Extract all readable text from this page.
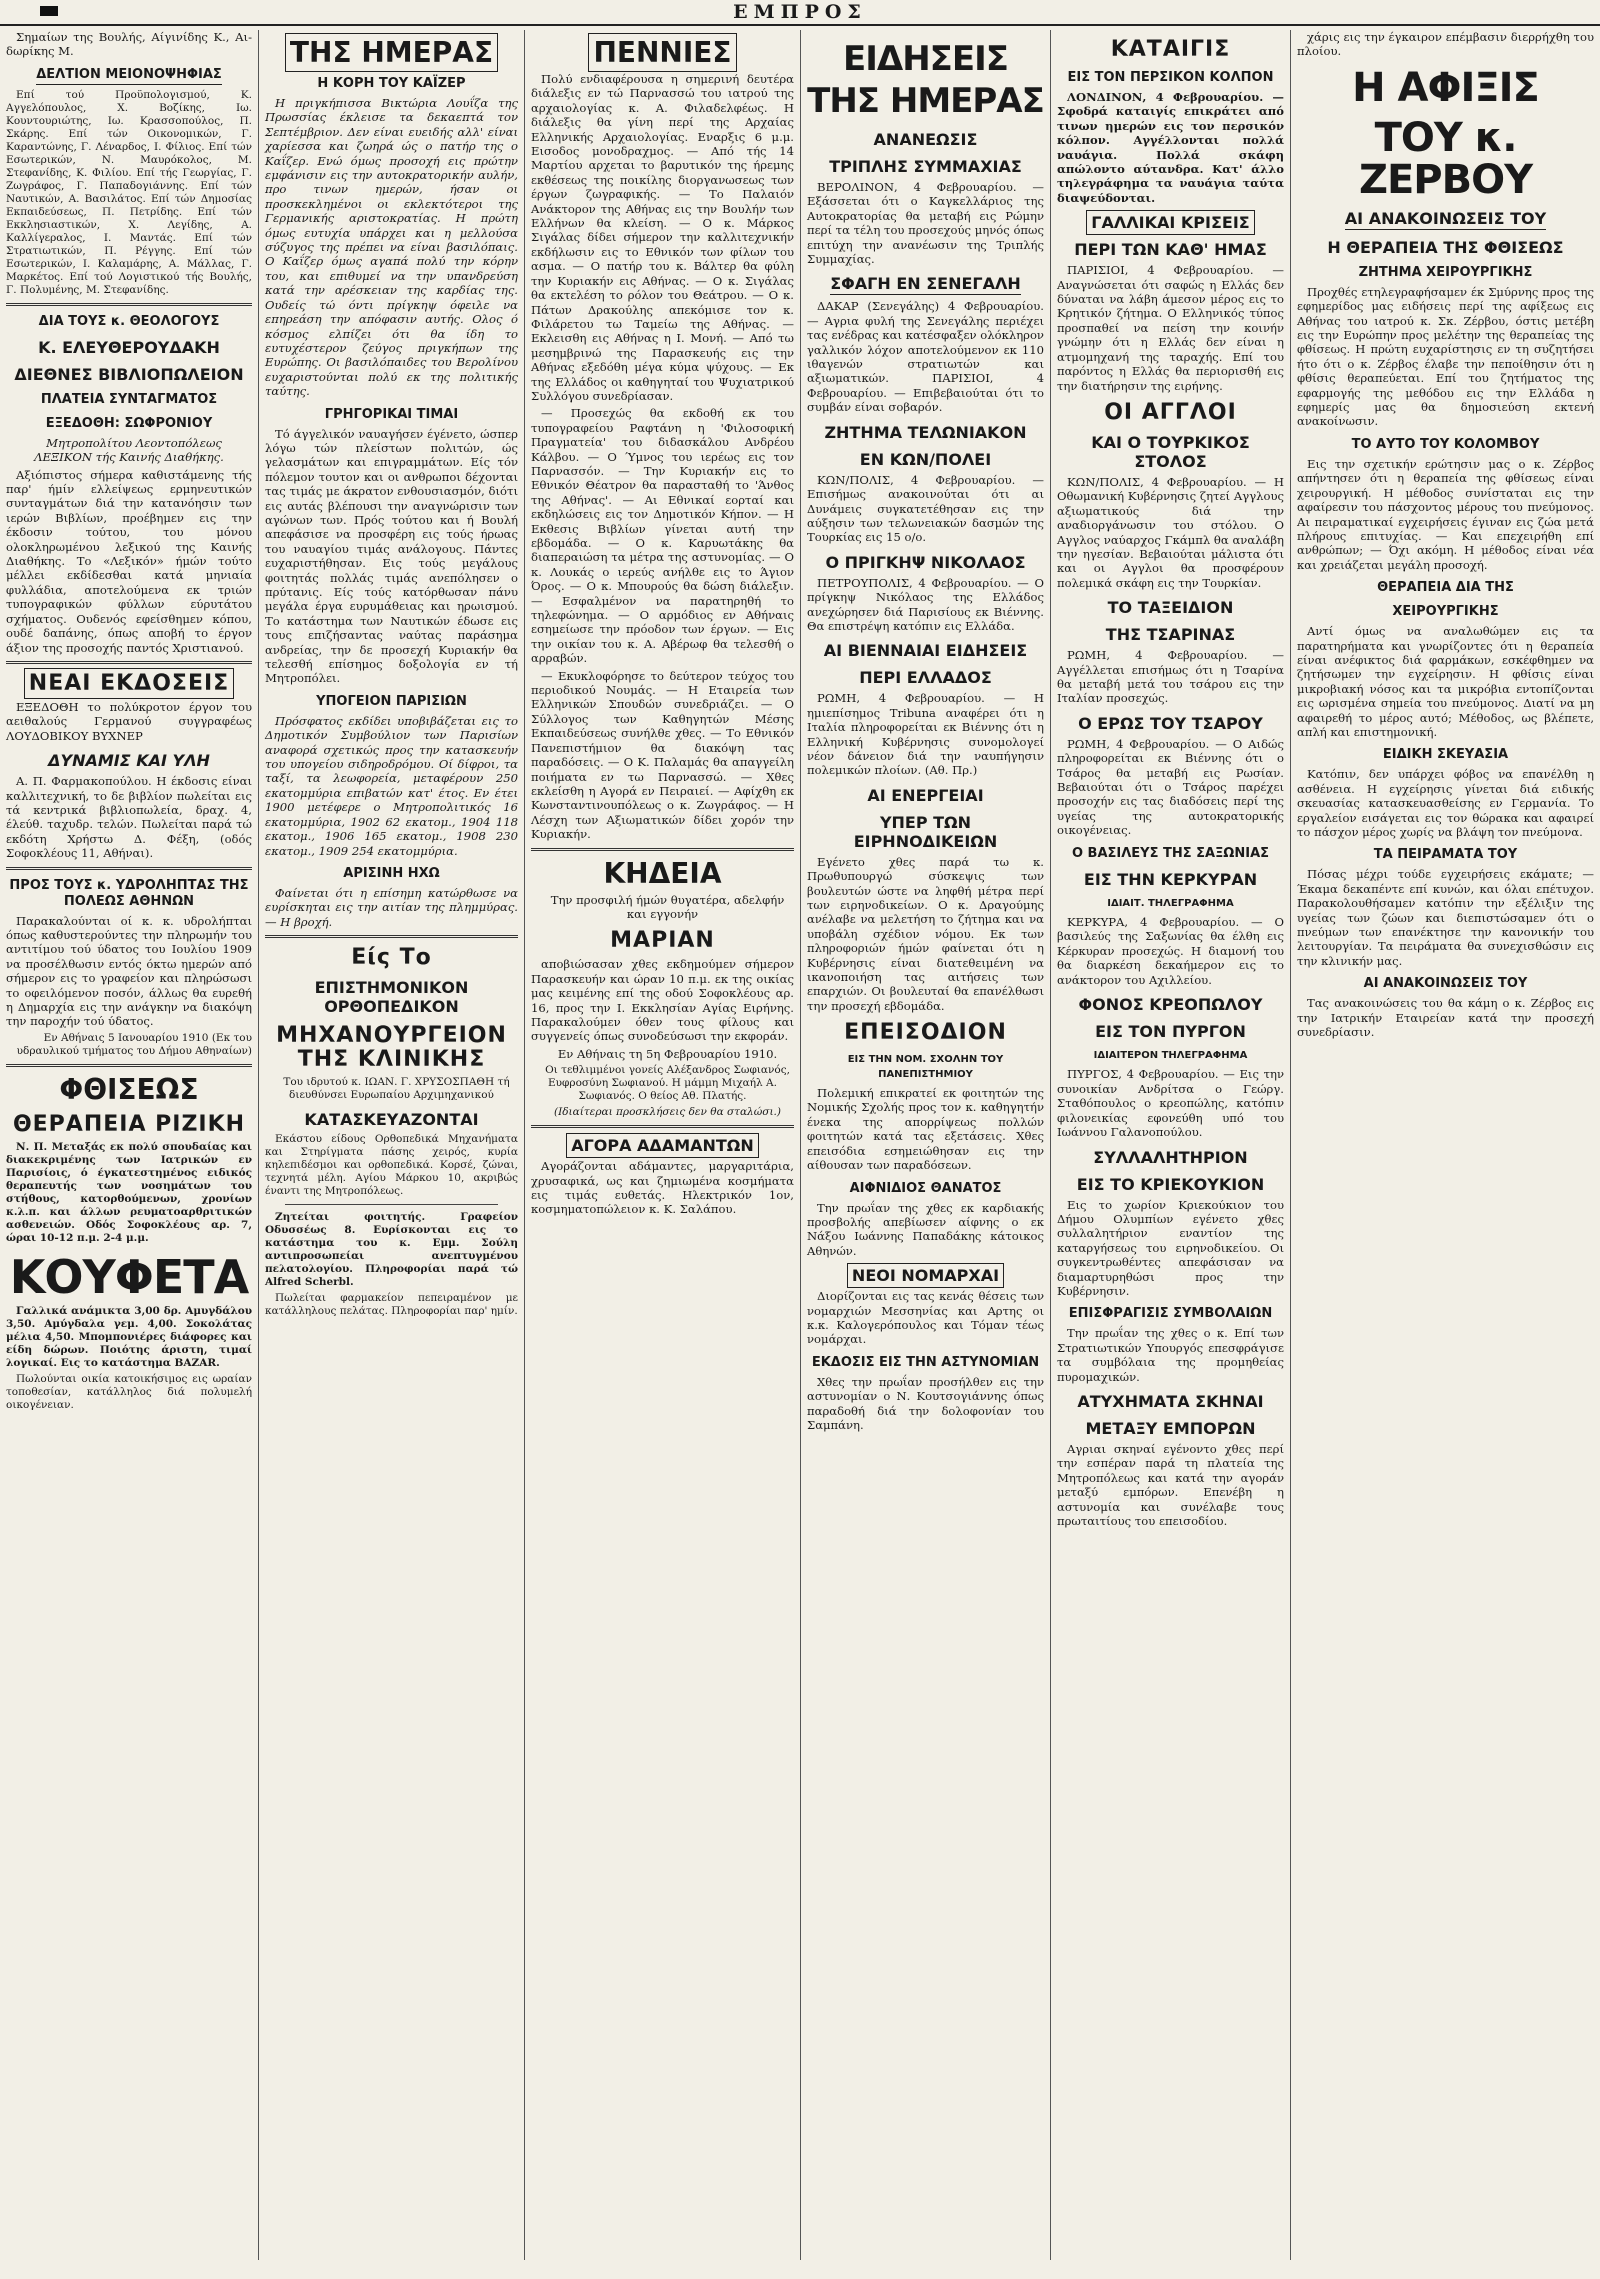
ΕΜΠΡΟΣ

Σημαίων της Βουλής, Αίγινίδης Κ., Αι- δωρίκης Μ.

ΔΕΛΤΙΟΝ ΜΕΙΟΝΟΨΗΦΙΑΣ

Επί τού Προϋπολογισμού, Κ. Αγγελόπουλος, Χ. Βοζίκης, Ιω. Κουντουριώτης, Ιω. Κρασσοπούλος, Π. Σκάρης. Επί τών Οικονομικών, Γ. Καραντώνης, Γ. Λέναρδος, Ι. Φίλιος. Επί τών Εσωτερικών, Ν. Μαυρόκολος, Μ. Στεφανίδης, Κ. Φιλίου. Επί τής Γεωργίας, Γ. Ζωγράφος, Γ. Παπαδογιάννης. Επί τών Ναυτικών, Α. Βασιλάτος. Επί τών Δημοσίας Εκπαιδεύσεως, Π. Πετρίδης. Επί τών Εκκλησιαστικών, Χ. Λεγίδης, Α. Καλλίγεραλος, Ι. Μαντάς. Επί τών Στρατιωτικών, Π. Ρέγγης. Επί τών Εσωτερικών, Ι. Καλαμάρης, Α. Μάλλας, Γ. Μαρκέτος. Επί τού Λογιστικού τής Βουλής, Γ. Πολυμένης, Μ. Στεφανίδης.

ΔΙΑ ΤΟΥΣ κ. ΘΕΟΛΟΓΟΥΣ
Κ. ΕΛΕΥΘΕΡΟΥΔΑΚΗ
ΔΙΕΘΝΕΣ ΒΙΒΛΙΟΠΩΛΕΙΟΝ
ΠΛΑΤΕΙΑ ΣΥΝΤΑΓΜΑΤΟΣ
ΕΞΕΔΟΘΗ: ΣΩΦΡΟΝΙΟΥ

Μητροπολίτου Λεοντοπόλεως ΛΕΞΙΚΟΝ τής Καινής Διαθήκης.

Αξιόπιστος σήμερα καθιστάμενης τής παρ' ήμίν ελλείψεως ερμηνευτικών συνταγμάτων διά την κατανόησιν των ιερών Βιβλίων, προέβημεν εις την έκδοσιν τούτου, του μόνου ολοκληρωμένου λεξικού της Καινής Διαθήκης. Το «Λεξικόν» ήμών τούτο μέλλει εκδίδεσθαι κατά μηνιαία φυλλάδια, αποτελούμενα εκ τριών τυπογραφικών φύλλων εύρυτάτου σχήματος. Ουδενός εφείσθημεν κόπου, ουδέ δαπάνης, όπως αποβή το έργον άξιον της προσοχής παντός Χριστιανού.

ΝΕΑΙ ΕΚΔΟΣΕΙΣ

ΕΞΕΔΟΘΗ το πολύκροτον έργον του αειθαλούς Γερμανού συγγραφέως ΛΟΥΔΟΒΙΚΟΥ ΒΥΧΝΕΡ

ΔΥΝΑΜΙΣ ΚΑΙ ΥΛΗ

Α. Π. Φαρμακοπούλου. Η έκδοσις είναι καλλιτεχνική, το δε βιβλίον πωλείται εις τά κεντρικά βιβλιοπωλεία, δραχ. 4, έλεύθ. ταχυδρ. τελών. Πωλείται παρά τώ εκδότη Χρήστω Δ. Φέξη, (οδός Σοφοκλέους 11, Αθήναι).

ΠΡΟΣ ΤΟΥΣ κ. ΥΔΡΟΛΗΠΤΑΣ ΤΗΣ ΠΟΛΕΩΣ ΑΘΗΝΩΝ

Παρακαλούνται οί κ. κ. υδρολήπται όπως καθυστερούντες την πληρωμήν του αντιτίμου τού ύδατος του Ιουλίου 1909 να προσέλθωσιν εντός όκτω ημερών από σήμερον εις το γραφείον και πληρώσωσι το οφειλόμενον ποσόν, άλλως θα ευρεθή η Δημαρχία εις την ανάγκην να διακόψη την παροχήν τού ύδατος.

Εν Αθήναις 5 Ιανουαρίου 1910 (Εκ του υδραυλικού τμήματος του Δήμου Αθηναίων)

ΦΘΙΣΕΩΣ
ΘΕΡΑΠΕΙΑ ΡΙΖΙΚΗ

Ν. Π. Μεταξάς εκ πολύ σπουδαίας και διακεκριμένης των Ιατρικών εν Παρισίοις, ό έγκατεστημένος ειδικός θεραπευτής των νοσημάτων του στήθους, κατορθούμενων, χρονίων κ.λ.π. και άλλων ρευματοαρθριτικών ασθενειών. Οδός Σοφοκλέους αρ. 7, ώραι 10-12 π.μ. 2-4 μ.μ.

ΚΟΥΦΕΤΑ

Γαλλικά ανάμικτα 3,00 δρ. Αμυγδάλου 3,50. Αμύγδαλα γεμ. 4,00. Σοκολάτας μέλια 4,50. Μπομπονιέρες διάφορες και είδη δώρων. Ποιότης άριστη, τιμαί λογικαί. Εις το κατάστημα BAZAR.

Πωλούνται οικία κατοικήσιμος εις ωραίαν τοποθεσίαν, κατάλληλος διά πολυμελή οικογένειαν.

ΤΗΣ ΗΜΕΡΑΣ
Η ΚΟΡΗ ΤΟΥ ΚΑΪΖΕΡ

Η πριγκήπισσα Βικτώρια Λουΐζα της Πρωσσίας έκλεισε τα δεκαεπτά τον Σεπτέμβριον. Δεν είναι ευειδής αλλ' είναι χαρίεσσα και ζωηρά ώς ο πατήρ της ο Καΐζερ. Ενώ όμως προσοχή εις πρώτην εμφάνισιν εις την αυτοκρατορικήν αυλήν, προ τινων ημερών, ήσαν οι προσκεκλημένοι οι εκλεκτότεροι της Γερμανικής αριστοκρατίας. Η πρώτη όμως ευτυχία υπάρχει και η μελλούσα σύζυγος της πρέπει να είναι βασιλόπαις. Ο Καΐζερ όμως αγαπά πολύ την κόρην του, και επιθυμεί να την υπανδρεύση κατά την αρέσκειαν της καρδίας της. Ουδείς τώ όντι πρίγκηψ όφειλε να επηρεάση την απόφασιν αυτής. Ολος ό κόσμος ελπίζει ότι θα ίδη το ευτυχέστερον ζεύγος πριγκήπων της Ευρώπης. Οι βασιλόπαιδες του Βερολίνου ευχαριστούνται πολύ εκ της πολιτικής ταύτης.

ΓΡΗΓΟΡΙΚΑΙ ΤΙΜΑΙ

Τό άγγελικόν ναυαγήσεν έγένετο, ώσπερ λόγω τών πλείστων πολιτών, ώς γελασμάτων και επιγραμμάτων. Είς τόν πόλεμον τουτον και οι ανθρωποι δέχονται τας τιμάς με άκρατον ενθουσιασμόν, διότι εις αυτάς βλέπουσι την αναγνώρισιν των αγώνων των. Πρός τούτου και ή Βουλή απεφάσισε να προσφέρη εις τούς ήρωας του ναυαγίου τιμάς ανάλογους. Πάντες ευχαριστήθησαν. Εις τούς μεγάλους φοιτητάς πολλάς τιμάς ανεπόλησεν ο πρύτανις. Είς τούς κατόρθωσαν πάνυ μεγάλα έργα ευρυμάθειας και ηρωισμού. Το κατάστημα των Ναυτικών έδωσε εις τους επιζήσαντας ναύτας παράσημα ανδρείας, την δε προσεχή Κυριακήν θα τελεσθή επίσημος δοξολογία εν τή Μητροπόλει.

ΥΠΟΓΕΙΟΝ ΠΑΡΙΣΙΩΝ

Πρόσφατος εκδίδει υποβιβάζεται εις το Δημοτικόν Συμβούλιον των Παρισίων αναφορά σχετικώς προς την κατασκευήν του υπογείου σιδηροδρόμου. Οί δίφροι, τα ταξί, τα λεωφορεία, μεταφέρουν 250 εκατομμύρια επιβατών κατ' έτος. Εν έτει 1900 μετέφερε ο Μητροπολιτικός 16 εκατομμύρια, 1902 62 εκατομ., 1904 118 εκατομ., 1906 165 εκατομ., 1908 230 εκατομ., 1909 254 εκατομμύρια.

ΑΡΙΣΙΝΗ ΗΧΩ

Φαίνεται ότι η επίσημη κατώρθωσε να ευρίσκηται εις την αιτίαν της πλημμύρας. — Η βροχή.

Είς Το
ΕΠΙΣΤΗΜΟΝΙΚΟΝ ΟΡΘΟΠΕΔΙΚΟΝ
ΜΗΧΑΝΟΥΡΓΕΙΟΝ ΤΗΣ ΚΛΙΝΙΚΗΣ

Του ιδρυτού κ. ΙΩΑΝ. Γ. ΧΡΥΣΟΣΠΑΘΗ τή διευθύνσει Ευρωπαίου Αρχιμηχανικού

ΚΑΤΑΣΚΕΥΑΖΟΝΤΑΙ

Εκάστου είδους Ορθοπεδικά Μηχανήματα και Στηρίγματα πάσης χειρός, κυρία κηλεπιδέσμοι και ορθοπεδικά. Κορσέ, ζώναι, τεχνητά μέλη. Αγίου Μάρκου 10, ακριβώς έναντι της Μητροπόλεως.

Ζητείται φοιτητής. Γραφείον Οδυσσέως 8. Ευρίσκονται εις το κατάστημα του κ. Εμμ. Σούλη αντιπροσωπείαι ανεπτυγμένου πελατολογίου. Πληροφορίαι παρά τώ Alfred Scherbl.

Πωλείται φαρμακείον πεπειραμένον με κατάλληλους πελάτας. Πληροφορίαι παρ' ημίν.

ΠΕΝΝΙΕΣ

Πολύ ενδιαφέρουσα η σημερινή δευτέρα διάλεξις εν τώ Παρνασσώ του ιατρού της αρχαιολογίας κ. Α. Φιλαδελφέως. Η διάλεξις θα γίνη περί της Αρχαίας Ελληνικής Αρχαιολογίας. Εναρξις 6 μ.μ. Εισοδος μονοδραχμος. — Από τής 14 Μαρτίου αρχεται το βαρυτικόν της ήρεμης εκθέσεως της ποικίλης διοργανωσεως των έργων ζωγραφικής. — Το Παλαιόν Ανάκτορον της Αθήνας εις την Βουλήν των Ελλήνων θα κλείση. — Ο κ. Μάρκος Σιγάλας δίδει σήμερον την καλλιτεχνικήν εκδήλωσιν εις το Εθνικόν των φίλων του ασμα. — Ο πατήρ του κ. Βάλτερ θα φύλη την Κυριακήν εις Αθήνας. — Ο κ. Σιγάλας θα εκτελέση το ρόλον του Θεάτρου. — Ο κ. Πάτων Δρακούλης απεκόμισε τον κ. Φιλάρετου τω Ταμείω της Αθήνας. — Εκλεισθη εις Αθήνας η Ι. Μονή. — Από τω μεσημβρινώ της Παρασκευής εις την Αθήνας εξεδόθη μέγα κύμα ψύχους. — Εκ της Ελλάδος οι καθηγηταί του Ψυχιατρικού Συλλόγου συνεδρίασαν.

— Προσεχώς θα εκδοθή εκ του τυπογραφείου Ραφτάνη η 'Φιλοσοφική Πραγματεία' του διδασκάλου Ανδρέου Κάλβου. — Ο Ύμνος του ιερέως εις τον Παρνασσόν. — Την Κυριακήν εις το Εθνικόν Θέατρον θα παρασταθή το 'Άνθος της Αθήνας'. — Αι Εθνικαί εορταί και εκδηλώσεις εις τον Δημοτικόν Κήπον. — Η Εκθεσις Βιβλίων γίνεται αυτή την εβδομάδα. — Ο κ. Καρυωτάκης θα διαπεραιώση τα μέτρα της αστυνομίας. — Ο κ. Λουκάς ο ιερεύς ανήλθε εις το Άγιον Όρος. — Ο κ. Μπουρούς θα δώση διάλεξιν. — Εσφαλμένον να παρατηρηθή το τηλεφώνημα. — Ο αρμόδιος εν Αθήναις εσημείωσε την πρόοδον των έργων. — Εις την οικίαν του κ. Α. Αβέρωφ θα τελεσθή ο αρραβών.

— Εκυκλοφόρησε το δεύτερον τεύχος του περιοδικού Νουμάς. — Η Εταιρεία των Ελληνικών Σπουδών συνεδριάζει. — Ο Σύλλογος των Καθηγητών Μέσης Εκπαιδεύσεως συνήλθε χθες. — Το Εθνικόν Πανεπιστήμιον θα διακόψη τας παραδόσεις. — Ο Κ. Παλαμάς θα απαγγείλη ποιήματα εν τω Παρνασσώ. — Χθες εκλείσθη η Αγορά εν Πειραιεί. — Αφίχθη εκ Κωνσταντινουπόλεως ο κ. Ζωγράφος. — Η Λέσχη των Αξιωματικών δίδει χορόν την Κυριακήν.

ΚΗΔΕΙΑ

Την προσφιλή ήμών θυγατέρα, αδελφήν και εγγονήν

ΜΑΡΙΑΝ

αποβιώσασαν χθες εκδημούμεν σήμερον Παρασκευήν και ώραν 10 π.μ. εκ της οικίας μας κειμένης επί της οδού Σοφοκλέους αρ. 16, προς την Ι. Εκκλησίαν Αγίας Ειρήνης. Παρακαλούμεν όθεν τους φίλους και συγγενείς όπως συνοδεύσωσι την εκφοράν.

Εν Αθήναις τη 5η Φεβρουαρίου 1910.

Οι τεθλιμμένοι γονείς Αλέξανδρος Σωφιανός, Ευφροσύνη Σωφιανού. Η μάμμη Μιχαήλ Α. Σωφιανός. Ο θείος Αθ. Πλατής.

(Ιδιαίτεραι προσκλήσεις δεν θα σταλώσι.)

ΑΓΟΡΑ ΑΔΑΜΑΝΤΩΝ

Αγοράζονται αδάμαντες, μαργαριτάρια, χρυσαφικά, ως και ζημιωμένα κοσμήματα εις τιμάς ευθετάς. Ηλεκτρικόν 1ον, κοσμηματοπώλειον κ. Κ. Σαλάπου.

ΕΙΔΗΣΕΙΣ ΤΗΣ ΗΜΕΡΑΣ
ΑΝΑΝΕΩΣΙΣ
ΤΡΙΠΛΗΣ ΣΥΜΜΑΧΙΑΣ

ΒΕΡΟΛΙΝΟΝ, 4 Φεβρουαρίου. — Εξάσσεται ότι ο Καγκελλάριος της Αυτοκρατορίας θα μεταβή εις Ρώμην περί τα τέλη του προσεχούς μηνός όπως επιτύχη την ανανέωσιν της Τριπλής Συμμαχίας.

ΣΦΑΓΗ ΕΝ ΣΕΝΕΓΑΛΗ

ΔΑΚΑΡ (Σενεγάλης) 4 Φεβρουαρίου. — Αγρια φυλή της Σενεγάλης περιέχει τας ενέδρας και κατέσφαξεν ολόκληρον γαλλικόν λόχον αποτελούμενον εκ 110 ιθαγενών στρατιωτών και αξιωματικών. ΠΑΡΙΣΙΟΙ, 4 Φεβρουαρίου. — Επιβεβαιούται ότι το συμβάν είναι σοβαρόν.

ΖΗΤΗΜΑ ΤΕΛΩΝΙΑΚΟΝ
ΕΝ ΚΩΝ/ΠΟΛΕΙ

ΚΩΝ/ΠΟΛΙΣ, 4 Φεβρουαρίου. — Επισήμως ανακοινούται ότι αι Δυνάμεις συγκατετέθησαν εις την αύξησιν των τελωνειακών δασμών της Τουρκίας εις 15 ο/ο.

Ο ΠΡΙΓΚΗΨ ΝΙΚΟΛΑΟΣ

ΠΕΤΡΟΥΠΟΛΙΣ, 4 Φεβρουαρίου. — Ο πρίγκηψ Νικόλαος της Ελλάδος ανεχώρησεν διά Παρισίους εκ Βιέννης. Θα επιστρέψη κατόπιν εις Ελλάδα.

ΑΙ ΒΙΕΝΝΑΙΑΙ ΕΙΔΗΣΕΙΣ
ΠΕΡΙ ΕΛΛΑΔΟΣ

ΡΩΜΗ, 4 Φεβρουαρίου. — Η ημιεπίσημος Tribuna αναφέρει ότι η Ιταλία πληροφορείται εκ Βιέννης ότι η Ελληνική Κυβέρνησις συνομολογεί νέον δάνειον διά την ναυπήγησιν πολεμικών πλοίων. (Αθ. Πρ.)

ΑΙ ΕΝΕΡΓΕΙΑΙ
ΥΠΕΡ ΤΩΝ ΕΙΡΗΝΟΔΙΚΕΙΩΝ

Εγένετο χθες παρά τω κ. Πρωθυπουργώ σύσκεψις των βουλευτών ώστε να ληφθή μέτρα περί των ειρηνοδικείων. Ο κ. Δραγούμης ανέλαβε να μελετήση το ζήτημα και να υποβάλη σχέδιον νόμου. Εκ των πληροφοριών ήμών φαίνεται ότι η Κυβέρνησις είναι διατεθειμένη να ικανοποιήση τας αιτήσεις των επαρχιών. Οι βουλευταί θα επανέλθωσι την προσεχή εβδομάδα.

ΕΠΕΙΣΟΔΙΟΝ
ΕΙΣ ΤΗΝ ΝΟΜ. ΣΧΟΛΗΝ ΤΟΥ ΠΑΝΕΠΙΣΤΗΜΙΟΥ

Πολεμική επικρατεί εκ φοιτητών της Νομικής Σχολής προς τον κ. καθηγητήν ένεκα της απορρίψεως πολλών φοιτητών κατά τας εξετάσεις. Χθες επεισόδια εσημειώθησαν εις την αίθουσαν των παραδόσεων.

ΑΙΦΝΙΔΙΟΣ ΘΑΝΑΤΟΣ

Την πρωΐαν της χθες εκ καρδιακής προσβολής απεβίωσεν αίφνης ο εκ Νάξου Ιωάννης Παπαδάκης κάτοικος Αθηνών.

ΝΕΟΙ ΝΟΜΑΡΧΑΙ

Διορίζονται εις τας κενάς θέσεις των νομαρχιών Μεσσηνίας και Αρτης οι κ.κ. Καλογερόπουλος και Τόμαν τέως νομάρχαι.

ΕΚΔΟΣΙΣ ΕΙΣ ΤΗΝ ΑΣΤΥΝΟΜΙΑΝ

Χθες την πρωΐαν προσήλθεν εις την αστυνομίαν ο Ν. Κουτσογιάννης όπως παραδοθή διά την δολοφονίαν του Σαμπάνη.

ΚΑΤΑΙΓΙΣ
ΕΙΣ ΤΟΝ ΠΕΡΣΙΚΟΝ ΚΟΛΠΟΝ

ΛΟΝΔΙΝΟΝ, 4 Φεβρουαρίου. — Σφοδρά καταιγίς επικράτει από τινων ημερών εις τον περσικόν κόλπον. Αγγέλλονται πολλά ναυάγια. Πολλά σκάφη απώλοντο αύτανδρα. Κατ' άλλο τηλεγράφημα τα ναυάγια ταύτα διαψεύδονται.

ΓΑΛΛΙΚΑΙ ΚΡΙΣΕΙΣ
ΠΕΡΙ ΤΩΝ ΚΑΘ' ΗΜΑΣ

ΠΑΡΙΣΙΟΙ, 4 Φεβρουαρίου. — Αναγνώσεται ότι σαφώς η Ελλάς δεν δύναται να λάβη άμεσον μέρος εις το Κρητικόν ζήτημα. Ο Ελληνικός τύπος προσπαθεί να πείση την κοινήν γνώμην ότι η Ελλάς δεν είναι η ατμομηχανή της ταραχής. Επί του παρόντος η Ελλάς θα περιορισθή εις την διατήρησιν της ειρήνης.

ΟΙ ΑΓΓΛΟΙ
ΚΑΙ Ο ΤΟΥΡΚΙΚΟΣ ΣΤΟΛΟΣ

ΚΩΝ/ΠΟΛΙΣ, 4 Φεβρουαρίου. — Η Οθωμανική Κυβέρνησις ζητεί Αγγλους αξιωματικούς διά την αναδιοργάνωσιν του στόλου. Ο Αγγλος ναύαρχος Γκάμπλ θα αναλάβη την ηγεσίαν. Βεβαιούται μάλιστα ότι και οι Αγγλοι θα προσφέρουν πολεμικά σκάφη εις την Τουρκίαν.

ΤΟ ΤΑΞΕΙΔΙΟΝ
ΤΗΣ ΤΣΑΡΙΝΑΣ

ΡΩΜΗ, 4 Φεβρουαρίου. — Αγγέλλεται επισήμως ότι η Τσαρίνα θα μεταβή μετά του τσάρου εις την Ιταλίαν προσεχώς.

Ο ΕΡΩΣ ΤΟΥ ΤΣΑΡΟΥ

ΡΩΜΗ, 4 Φεβρουαρίου. — Ο Αιδώς πληροφορείται εκ Βιέννης ότι ο Τσάρος θα μεταβή εις Ρωσίαν. Βεβαιούται ότι ο Τσάρος παρέχει προσοχήν εις τας διαδόσεις περί της υγείας της αυτοκρατορικής οικογένειας.

Ο ΒΑΣΙΛΕΥΣ ΤΗΣ ΣΑΞΩΝΙΑΣ
ΕΙΣ ΤΗΝ ΚΕΡΚΥΡΑΝ
ΙΔΙΑΙΤ. ΤΗΛΕΓΡΑΦΗΜΑ

ΚΕΡΚΥΡΑ, 4 Φεβρουαρίου. — Ο βασιλεύς της Σαξωνίας θα έλθη εις Κέρκυραν προσεχώς. Η διαμονή του θα διαρκέση δεκαήμερον εις το ανάκτορον του Αχιλλείου.

ΦΟΝΟΣ ΚΡΕΟΠΩΛΟΥ
ΕΙΣ ΤΟΝ ΠΥΡΓΟΝ
ΙΔΙΑΙΤΕΡΟΝ ΤΗΛΕΓΡΑΦΗΜΑ

ΠΥΡΓΟΣ, 4 Φεβρουαρίου. — Εις την συνοικίαν Ανδρίτσα ο Γεώργ. Σταθόπουλος ο κρεοπώλης, κατόπιν φιλονεικίας εφονεύθη υπό του Ιωάννου Γαλανοπούλου.

ΣΥΛΛΑΛΗΤΗΡΙΟΝ
ΕΙΣ ΤΟ ΚΡΙΕΚΟΥΚΙΟΝ

Εις το χωρίον Κριεκούκιον του Δήμου Ολυμπίων εγένετο χθες συλλαλητήριον εναντίον της καταργήσεως του ειρηνοδικείου. Οι συγκεντρωθέντες απεφάσισαν να διαμαρτυρηθώσι προς την Κυβέρνησιν.

ΕΠΙΣΦΡΑΓΙΣΙΣ ΣΥΜΒΟΛΑΙΩΝ

Την πρωΐαν της χθες ο κ. Επί των Στρατιωτικών Υπουργός επεσφράγισε τα συμβόλαια της προμηθείας πυρομαχικών.

ΑΤΥΧΗΜΑΤΑ ΣΚΗΝΑΙ
ΜΕΤΑΞΥ ΕΜΠΟΡΩΝ

Αγριαι σκηναί εγένοντο χθες περί την εσπέραν παρά τη πλατεία της Μητροπόλεως και κατά την αγοράν μεταξύ εμπόρων. Επενέβη η αστυνομία και συνέλαβε τους πρωταιτίους του επεισοδίου.

χάρις εις την έγκαιρον επέμβασιν διερρήχθη του πλοίου.

Η ΑΦΙΞΙΣ
ΤΟΥ κ. ΖΕΡΒΟΥ
ΑΙ ΑΝΑΚΟΙΝΩΣΕΙΣ ΤΟΥ
Η ΘΕΡΑΠΕΙΑ ΤΗΣ ΦΘΙΣΕΩΣ
ΖΗΤΗΜΑ ΧΕΙΡΟΥΡΓΙΚΗΣ

Προχθές ετηλεγραφήσαμεν έκ Σμύρνης προς της εφημερίδος μας ειδήσεις περί της αφίξεως εις Αθήνας του ιατρού κ. Σκ. Ζέρβου, όστις μετέβη εις την Ευρώπην προς μελέτην της θεραπείας της φθίσεως. Η πρώτη ευχαρίστησις εν τη συζητήσει ήτο ότι ο κ. Ζέρβος έλαβε την πεποίθησιν ότι η φθίσις θεραπεύεται. Επί του ζητήματος της εφαρμογής της μεθόδου εις την Ελλάδα η εφημερίς μας θα δημοσιεύση εκτενή ανακοίνωσιν.

ΤΟ ΑΥΤΟ ΤΟΥ ΚΟΛΟΜΒΟΥ

Εις την σχετικήν ερώτησιν μας ο κ. Ζέρβος απήντησεν ότι η θεραπεία της φθίσεως είναι χειρουργική. Η μέθοδος συνίσταται εις την αφαίρεσιν του πάσχοντος μέρους του πνεύμονος. Αι πειραματικαί εγχειρήσεις έγιναν εις ζώα μετά πλήρους επιτυχίας. — Και επεχειρήθη επί ανθρώπων; — Όχι ακόμη. Η μέθοδος είναι νέα και χρειάζεται μεγάλη προσοχή.

ΘΕΡΑΠΕΙΑ ΔΙΑ ΤΗΣ
ΧΕΙΡΟΥΡΓΙΚΗΣ

Αντί όμως να αναλωθώμεν εις τα παρατηρήματα και γνωρίζοντες ότι η θεραπεία είναι ανέφικτος διά φαρμάκων, εσκέφθημεν να ζητήσωμεν την εγχείρησιν. Η φθίσις είναι μικροβιακή νόσος και τα μικρόβια εντοπίζονται εις ωρισμένα σημεία του πνεύμονος. Διατί να μη αφαιρεθή το μέρος αυτό; Μέθοδος, ως βλέπετε, απλή και επιστημονική.

ΕΙΔΙΚΗ ΣΚΕΥΑΣΙΑ

Κατόπιν, δεν υπάρχει φόβος να επανέλθη η ασθένεια. Η εγχείρησις γίνεται διά ειδικής σκευασίας κατασκευασθείσης εν Γερμανία. Το εργαλείον εισάγεται εις τον θώρακα και αφαιρεί το πάσχον μέρος χωρίς να βλάψη τον πνεύμονα.

ΤΑ ΠΕΙΡΑΜΑΤΑ ΤΟΥ

Πόσας μέχρι τούδε εγχειρήσεις εκάματε; — Έκαμα δεκαπέντε επί κυνών, και όλαι επέτυχον. Παρακολουθήσαμεν κατόπιν την εξέλιξιν της υγείας των ζώων και διεπιστώσαμεν ότι ο πνεύμων των επανέκτησε την κανονικήν του λειτουργίαν. Τα πειράματα θα συνεχισθώσιν εις την κλινικήν μας.

ΑΙ ΑΝΑΚΟΙΝΩΣΕΙΣ ΤΟΥ

Τας ανακοινώσεις του θα κάμη ο κ. Ζέρβος εις την Ιατρικήν Εταιρείαν κατά την προσεχή συνεδρίασιν.
